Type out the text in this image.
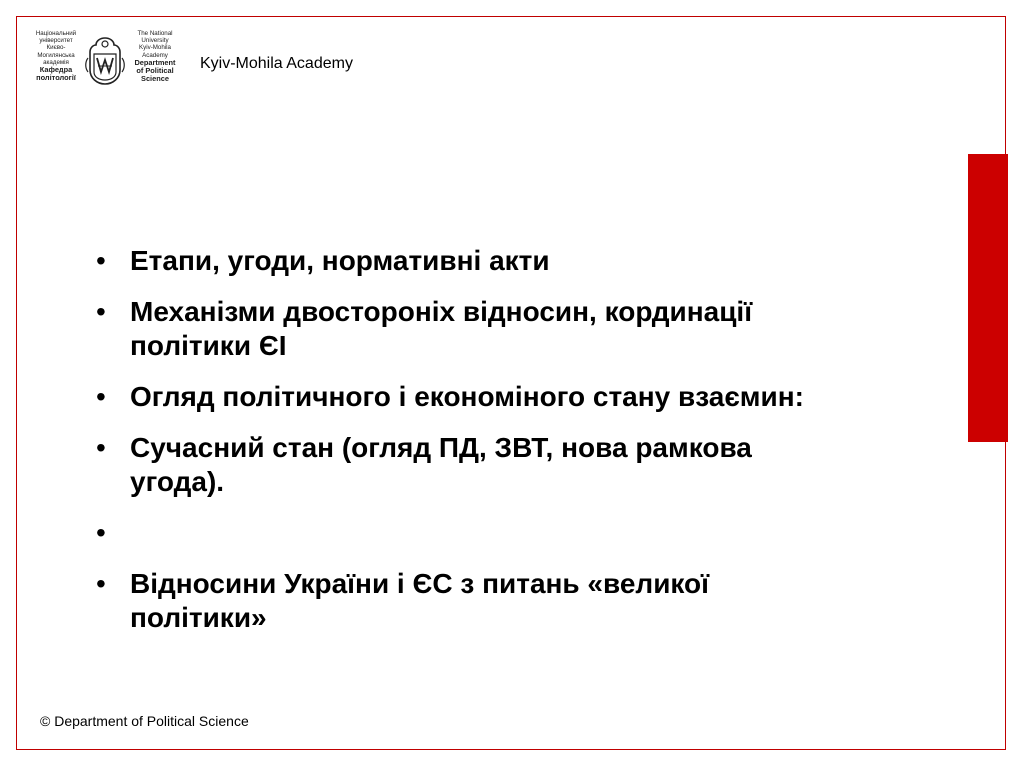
Національний
університет
Києво-
Могилянська
академія
Кафедра
політології
The National
University
Kyiv-Mohila
Academy
Department
of Political
Science
Kyiv-Mohila Academy
• Етапи, угоди, нормативні акти
• Механізми двостороніх відносин, кординації політики ЄІ
• Огляд політичного і економіного стану взаємин:
• Сучасний стан (огляд ПД, ЗВТ, нова рамкова угода).
•
• Відносини України і ЄС з питань «великої політики»
© Department of Political Science
